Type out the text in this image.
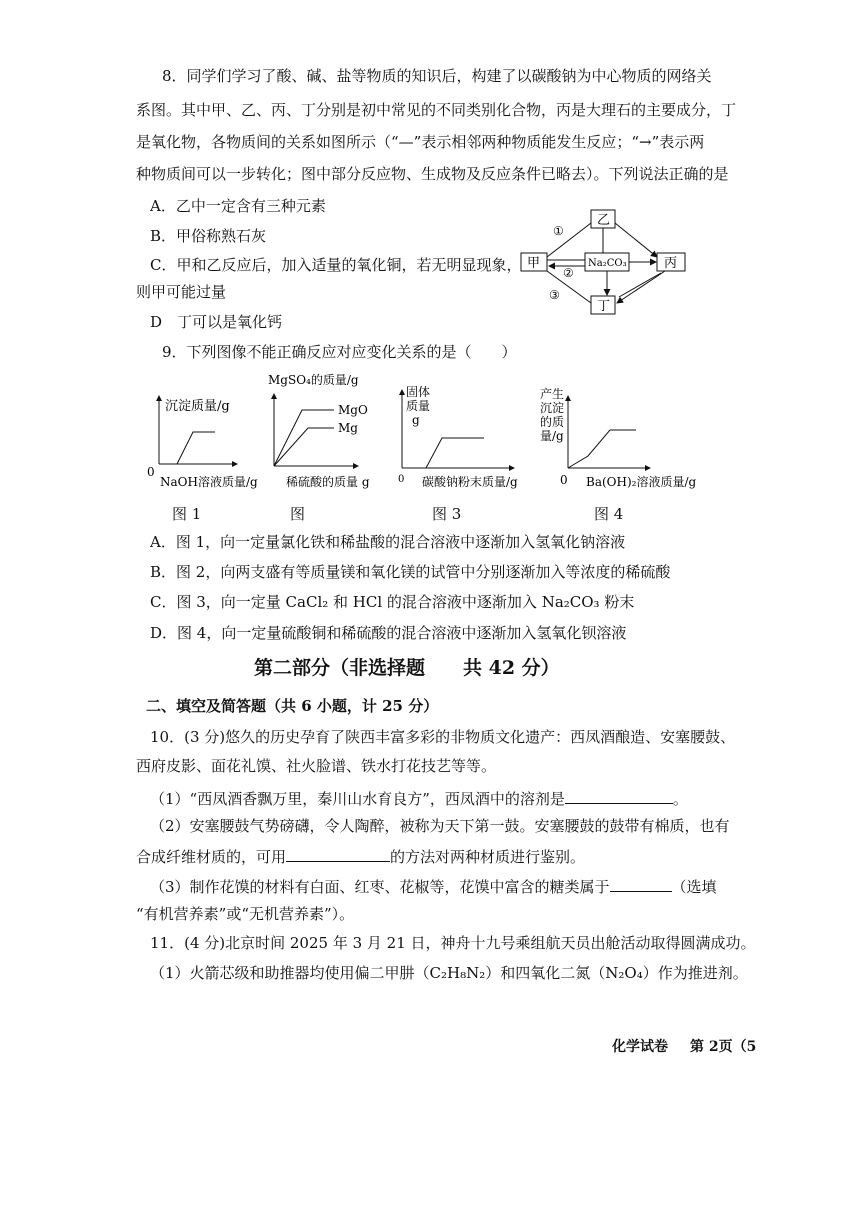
8．同学们学习了酸、碱、盐等物质的知识后，构建了以碳酸钠为中心物质的网络关
系图。其中甲、乙、丙、丁分别是初中常见的不同类别化合物，丙是大理石的主要成分，丁
是氧化物，各物质间的关系如图所示（“—”表示相邻两种物质能发生反应；“→”表示两
种物质间可以一步转化；图中部分反应物、生成物及反应条件已略去）。下列说法正确的是
A．乙中一定含有三种元素
B．甲俗称熟石灰
C．甲和乙反应后，加入适量的氧化铜，若无明显现象，
则甲可能过量
D　丁可以是氧化钙
乙
甲	Na₂CO₃	丙
丁
①
②
③
9．下列图像不能正确反应对应变化关系的是（　　）
沉淀质量/g
0
NaOH溶液质量/g
MgSO₄的质量/g
MgO
Mg
稀硫酸的质量 g
固体
质量
g
0 碳酸钠粉末质量/g
产生
沉淀
的质
量/g
0 Ba(OH)₂溶液质量/g
图 1	图	图 3	图 4
A．图 1，向一定量氯化铁和稀盐酸的混合溶液中逐渐加入氢氧化钠溶液
B．图 2，向两支盛有等质量镁和氧化镁的试管中分别逐渐加入等浓度的稀硫酸
C．图 3，向一定量 CaCl₂ 和 HCl 的混合溶液中逐渐加入 Na₂CO₃ 粉末
D．图 4，向一定量硫酸铜和稀硫酸的混合溶液中逐渐加入氢氧化钡溶液
第二部分（非选择题　　共 42 分）
二、填空及简答题（共 6 小题，计 25 分）
10．(3 分)悠久的历史孕育了陕西丰富多彩的非物质文化遗产：西凤酒酿造、安塞腰鼓、
西府皮影、面花礼馍、社火脸谱、铁水打花技艺等等。
（1）“西凤酒香飘万里，秦川山水育良方”，西凤酒中的溶剂是	。
（2）安塞腰鼓气势磅礴，令人陶醉，被称为天下第一鼓。安塞腰鼓的鼓带有棉质，也有
合成纤维材质的，可用	的方法对两种材质进行鉴别。
（3）制作花馍的材料有白面、红枣、花椒等，花馍中富含的糖类属于	（选填
“有机营养素”或“无机营养素”）。
11．(4 分)北京时间 2025 年 3 月 21 日，神舟十九号乘组航天员出舱活动取得圆满成功。
（1）火箭芯级和助推器均使用偏二甲肼（C₂H₈N₂）和四氧化二氮（N₂O₄）作为推进剂。
化学试卷 第 2页（5
